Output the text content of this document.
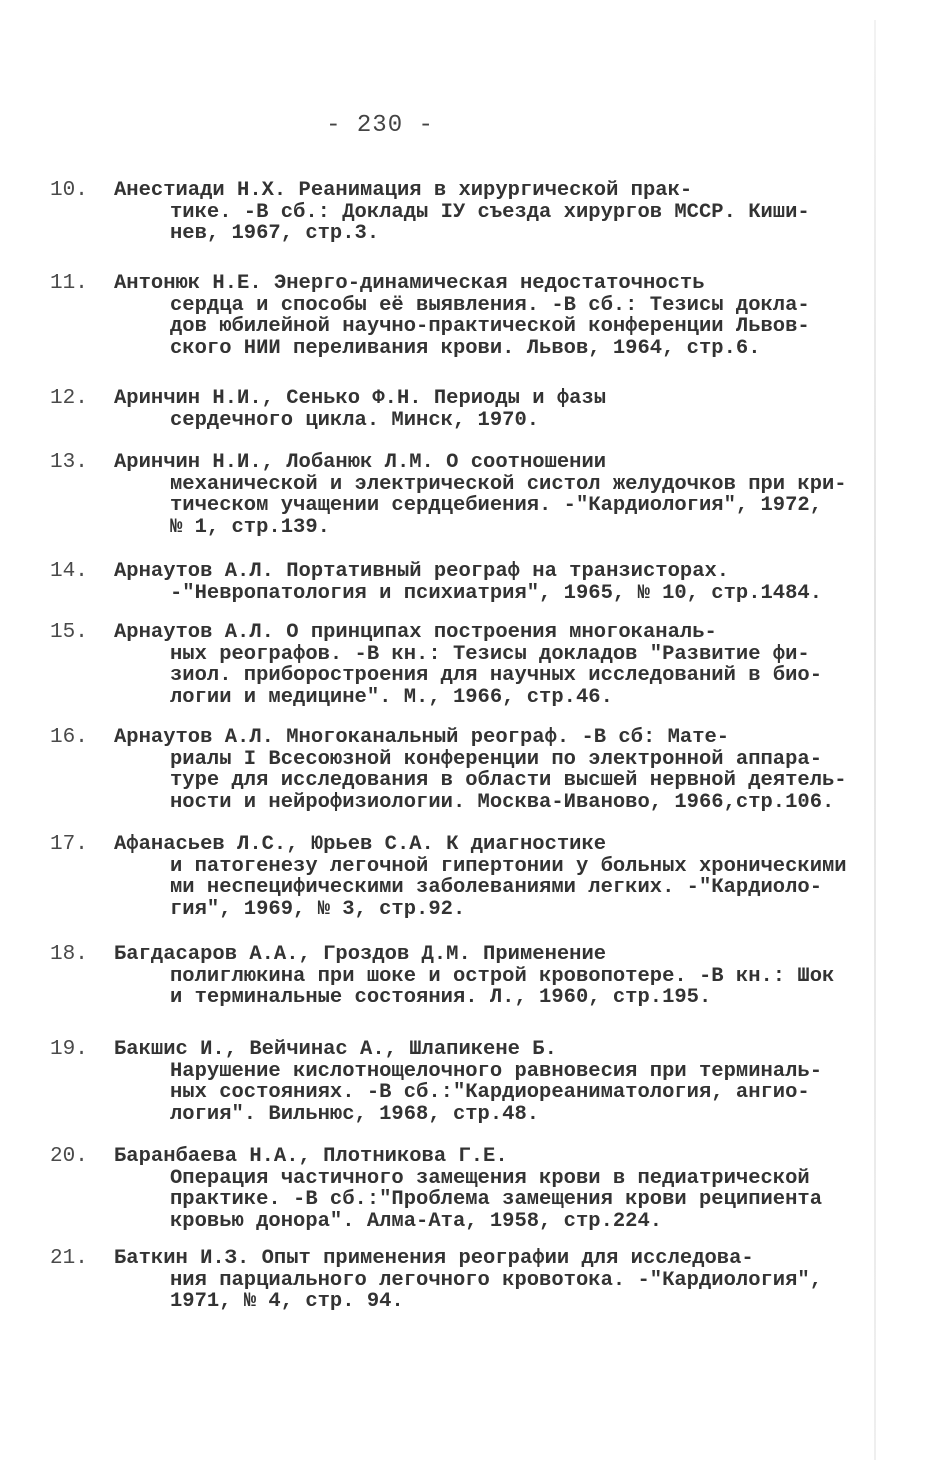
- 230 -
10.	Анестиади Н.Х. Реанимация в хирургической прак-
тике. -В сб.: Доклады IУ съезда хирургов МССР. Киши-
нев, 1967, стр.3.
11.	Антонюк Н.Е. Энерго-динамическая недостаточность
сердца и способы её выявления. -В сб.: Тезисы докла-
дов юбилейной научно-практической конференции Львов-
ского НИИ переливания крови. Львов, 1964, стр.6.
12.	Аринчин Н.И., Сенько Ф.Н. Периоды и фазы
сердечного цикла. Минск, 1970.
13.	Аринчин Н.И., Лобанюк Л.М. О соотношении
механической и электрической систол желудочков при кри-
тическом учащении сердцебиения. -"Кардиология", 1972,
№ 1, стр.139.
14.	Арнаутов А.Л. Портативный реограф на транзисторах.
-"Невропатология и психиатрия", 1965, № 10, стр.1484.
15.	Арнаутов А.Л. О принципах построения многоканаль-
ных реографов. -В кн.: Тезисы докладов "Развитие фи-
зиол. приборостроения для научных исследований в био-
логии и медицине". М., 1966, стр.46.
16.	Арнаутов А.Л. Многоканальный реограф. -В сб: Мате-
риалы I Всесоюзной конференции по электронной аппара-
туре для исследования в области высшей нервной деятель-
ности и нейрофизиологии. Москва-Иваново, 1966,стр.106.
17.	Афанасьев Л.С., Юрьев С.А. К диагностике
и патогенезу легочной гипертонии у больных хроническими
ми неспецифическими заболеваниями легких. -"Кардиоло-
гия", 1969, № 3, стр.92.
18.	Багдасаров А.А., Гроздов Д.М. Применение
полиглюкина при шоке и острой кровопотере. -В кн.: Шок
и терминальные состояния. Л., 1960, стр.195.
19.	Бакшис И., Вейчинас А., Шлапикене Б.
Нарушение кислотнощелочного равновесия при терминаль-
ных состояниях. -В сб.:"Кардиореаниматология, ангио-
логия". Вильнюс, 1968, стр.48.
20.	Баранбаева Н.А., Плотникова Г.Е.
Операция частичного замещения крови в педиатрической
практике. -В сб.:"Проблема замещения крови реципиента
кровью донора". Алма-Ата, 1958, стр.224.
21.	Баткин И.З. Опыт применения реографии для исследова-
ния парциального легочного кровотока. -"Кардиология",
1971, № 4, стр. 94.
